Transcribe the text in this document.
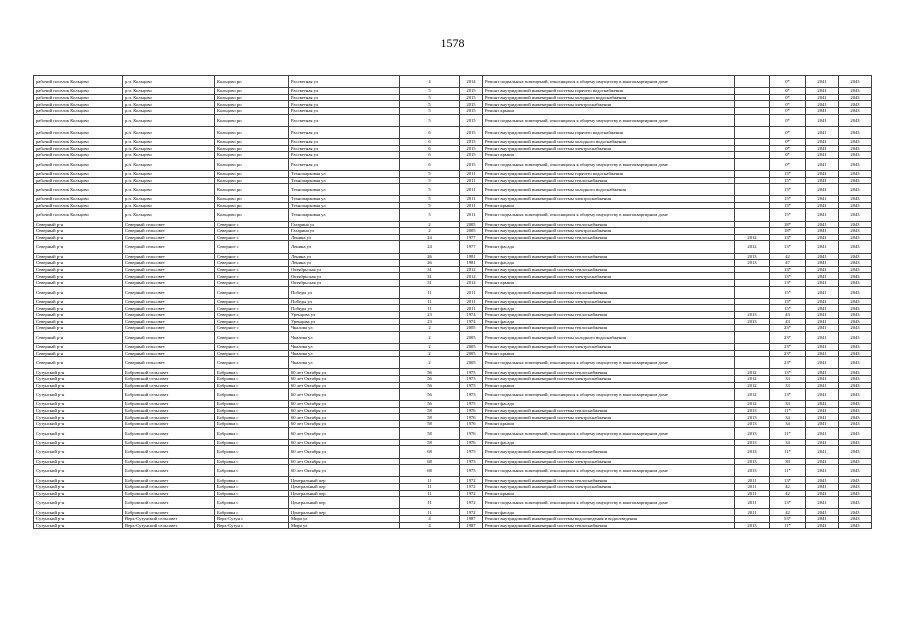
1578
рабочий поселок Кольцово	р.п. Кольцово	Кольцово рп	Рассветная ул	4	2014	Ремонт подвальных помещений, относящихся к общему имуществу в многоквартирном доме		0*	2041	2043
рабочий поселок Кольцово	р.п. Кольцово	Кольцово рп	Рассветная ул	5	2015	Ремонт внутридомовой инженерной системы горячего водоснабжения		0*	2041	2043
рабочий поселок Кольцово	р.п. Кольцово	Кольцово рп	Рассветная ул	5	2015	Ремонт внутридомовой инженерной системы холодного водоснабжения		0*	2041	2043
рабочий поселок Кольцово	р.п. Кольцово	Кольцово рп	Рассветная ул	5	2015	Ремонт внутридомовой инженерной системы электроснабжения		0*	2041	2043
рабочий поселок Кольцово	р.п. Кольцово	Кольцово рп	Рассветная ул	5	2015	Ремонт крыши		0*	2041	2043
рабочий поселок Кольцово	р.п. Кольцово	Кольцово рп	Рассветная ул	5	2015	Ремонт подвальных помещений, относящихся к общему имуществу в многоквартирном доме		0*	2041	2043
рабочий поселок Кольцово	р.п. Кольцово	Кольцово рп	Рассветная ул	6	2015	Ремонт внутридомовой инженерной системы горячего водоснабжения		0*	2041	2043
рабочий поселок Кольцово	р.п. Кольцово	Кольцово рп	Рассветная ул	6	2015	Ремонт внутридомовой инженерной системы холодного водоснабжения		0*	2041	2043
рабочий поселок Кольцово	р.п. Кольцово	Кольцово рп	Рассветная ул	6	2015	Ремонт внутридомовой инженерной системы электроснабжения		0*	2041	2043
рабочий поселок Кольцово	р.п. Кольцово	Кольцово рп	Рассветная ул	6	2015	Ремонт крыши		0*	2041	2043
рабочий поселок Кольцово	р.п. Кольцово	Кольцово рп	Рассветная ул	6	2015	Ремонт подвальных помещений, относящихся к общему имуществу в многоквартирном доме		0*	2041	2043
рабочий поселок Кольцово	р.п. Кольцово	Кольцово рп	Технопарковая ул	5	2011	Ремонт внутридомовой инженерной системы горячего водоснабжения		15*	2041	2043
рабочий поселок Кольцово	р.п. Кольцово	Кольцово рп	Технопарковая ул	5	2011	Ремонт внутридомовой инженерной системы теплоснабжения		15*	2041	2043
рабочий поселок Кольцово	р.п. Кольцово	Кольцово рп	Технопарковая ул	5	2011	Ремонт внутридомовой инженерной системы холодного водоснабжения		15*	2041	2043
рабочий поселок Кольцово	р.п. Кольцово	Кольцово рп	Технопарковая ул	5	2011	Ремонт внутридомовой инженерной системы электроснабжения		15*	2041	2043
рабочий поселок Кольцово	р.п. Кольцово	Кольцово рп	Технопарковая ул	5	2011	Ремонт крыши		15*	2041	2043
рабочий поселок Кольцово	р.п. Кольцово	Кольцово рп	Технопарковая ул	5	2011	Ремонт подвальных помещений, относящихся к общему имуществу в многоквартирном доме		15*	2041	2043
Северный р-н	Северный сельсовет	Северное с	Гагарина ул	2	2005	Ремонт внутридомовой инженерной системы теплоснабжения		18*	2041	2043
Северный р-н	Северный сельсовет	Северное с	Гагарина ул	2	2005	Ремонт внутридомовой инженерной системы электроснабжения		18*	2041	2043
Северный р-н	Северный сельсовет	Северное с	Ленина ул	24	1977	Ремонт внутридомовой инженерной системы теплоснабжения	2012	13*	2041	2043
Северный р-н	Северный сельсовет	Северное с	Ленина ул	24	1977	Ремонт фасада	2012	13*	2041	2043
Северный р-н	Северный сельсовет	Северное с	Ленина ул	26	1981	Ремонт внутридомовой инженерной системы теплоснабжения	2013	42	2041	2043
Северный р-н	Северный сельсовет	Северное с	Ленина ул	26	1981	Ремонт фасада	2013	47	2041	2043
Северный р-н	Северный сельсовет	Северное с	Октябрьская ул	31	2012	Ремонт внутридомовой инженерной системы теплоснабжения		13*	2041	2043
Северный р-н	Северный сельсовет	Северное с	Октябрьская ул	31	2012	Ремонт внутридомовой инженерной системы электроснабжения		13*	2041	2043
Северный р-н	Северный сельсовет	Северное с	Октябрьская ул	31	2012	Ремонт крыши		13*	2041	2043
Северный р-н	Северный сельсовет	Северное с	Победы ул	11	2011	Ремонт внутридомовой инженерной системы теплоснабжения		15*	2041	2043
Северный р-н	Северный сельсовет	Северное с	Победы ул	11	2011	Ремонт внутридомовой инженерной системы электроснабжения		15*	2041	2043
Северный р-н	Северный сельсовет	Северное с	Победы ул	11	2011	Ремонт фасада		15*	2041	2043
Северный р-н	Северный сельсовет	Северное с	Уренцова ул	23	1974	Ремонт внутридомовой инженерной системы теплоснабжения	2013	43	2041	2043
Северный р-н	Северный сельсовет	Северное с	Уренцова ул	23	1974	Ремонт фасада	2013	43	2041	2043
Северный р-н	Северный сельсовет	Северное с	Чкалова ул	2	2005	Ремонт внутридомовой инженерной системы теплоснабжения		23*	2041	2043
Северный р-н	Северный сельсовет	Северное с	Чкалова ул	2	2005	Ремонт внутридомовой инженерной системы холодного водоснабжения		23*	2041	2043
Северный р-н	Северный сельсовет	Северное с	Чкалова ул	2	2005	Ремонт внутридомовой инженерной системы электроснабжения		23*	2041	2043
Северный р-н	Северный сельсовет	Северное с	Чкалова ул	2	2005	Ремонт крыши		23*	2041	2043
Северный р-н	Северный сельсовет	Северное с	Чкалова ул	2	2005	Ремонт подвальных помещений, относящихся к общему имуществу в многоквартирном доме		23*	2041	2043
Сузунский р-н	Бобровский сельсовет	Бобровка с	60 лет Октября ул	56	1975	Ремонт внутридомовой инженерной системы теплоснабжения	2012	13*	2041	2043
Сузунский р-н	Бобровский сельсовет	Бобровка с	60 лет Октября ул	56	1975	Ремонт внутридомовой инженерной системы электроснабжения	2012	33	2041	2043
Сузунский р-н	Бобровский сельсовет	Бобровка с	60 лет Октября ул	56	1975	Ремонт крыши	2012	33	2041	2043
Сузунский р-н	Бобровский сельсовет	Бобровка с	60 лет Октября ул	56	1975	Ремонт подвальных помещений, относящихся к общему имуществу в многоквартирном доме	2012	13*	2041	2043
Сузунский р-н	Бобровский сельсовет	Бобровка с	60 лет Октября ул	56	1975	Ремонт фасада	2012	33	2041	2043
Сузунский р-н	Бобровский сельсовет	Бобровка с	60 лет Октября ул	58	1976	Ремонт внутридомовой инженерной системы теплоснабжения	2013	11*	2041	2043
Сузунский р-н	Бобровский сельсовет	Бобровка с	60 лет Октября ул	58	1976	Ремонт внутридомовой инженерной системы электроснабжения	2013	34	2041	2043
Сузунский р-н	Бобровский сельсовет	Бобровка с	60 лет Октября ул	58	1976	Ремонт крыши	2013	34	2041	2043
Сузунский р-н	Бобровский сельсовет	Бобровка с	60 лет Октября ул	58	1976	Ремонт подвальных помещений, относящихся к общему имуществу в многоквартирном доме	2013	11*	2041	2043
Сузунский р-н	Бобровский сельсовет	Бобровка с	60 лет Октября ул	58	1976	Ремонт фасада	2013	34	2041	2043
Сузунский р-н	Бобровский сельсовет	Бобровка с	60 лет Октября ул	68	1975	Ремонт внутридомовой инженерной системы теплоснабжения	2013	11*	2041	2043
Сузунский р-н	Бобровский сельсовет	Бобровка с	60 лет Октября ул	68	1975	Ремонт внутридомовой инженерной системы электроснабжения	2013	39	2041	2043
Сузунский р-н	Бобровский сельсовет	Бобровка с	60 лет Октября ул	68	1975	Ремонт подвальных помещений, относящихся к общему имуществу в многоквартирном доме	2013	11*	2041	2043
Сузунский р-н	Бобровский сельсовет	Бобровка с	Центральный пер	11	1972	Ремонт внутридомовой инженерной системы теплоснабжения	2011	13*	2041	2043
Сузунский р-н	Бобровский сельсовет	Бобровка с	Центральный пер	11	1972	Ремонт внутридомовой инженерной системы электроснабжения	2011	42	2041	2043
Сузунский р-н	Бобровский сельсовет	Бобровка с	Центральный пер	11	1972	Ремонт крыши	2011	42	2041	2043
Сузунский р-н	Бобровский сельсовет	Бобровка с	Центральный пер	11	1972	Ремонт подвальных помещений, относящихся к общему имуществу в многоквартирном доме	2011	13*	2041	2043
Сузунский р-н	Бобровский сельсовет	Бобровка с	Центральный пер	11	1972	Ремонт фасада	2011	42	2041	2043
Сузунский р-н	Верх-Сузунский сельсовет	Верх-Сузун с	Мира ул	4	1987	Ремонт внутридомовой инженерной системы водоотведения и водоотведения		53*	2041	2043
Сузунский р-н	Верх-Сузунский сельсовет	Верх-Сузун с	Мира ул	4	1987	Ремонт внутридомовой инженерной системы теплоснабжения	2013	11*	2041	2043
